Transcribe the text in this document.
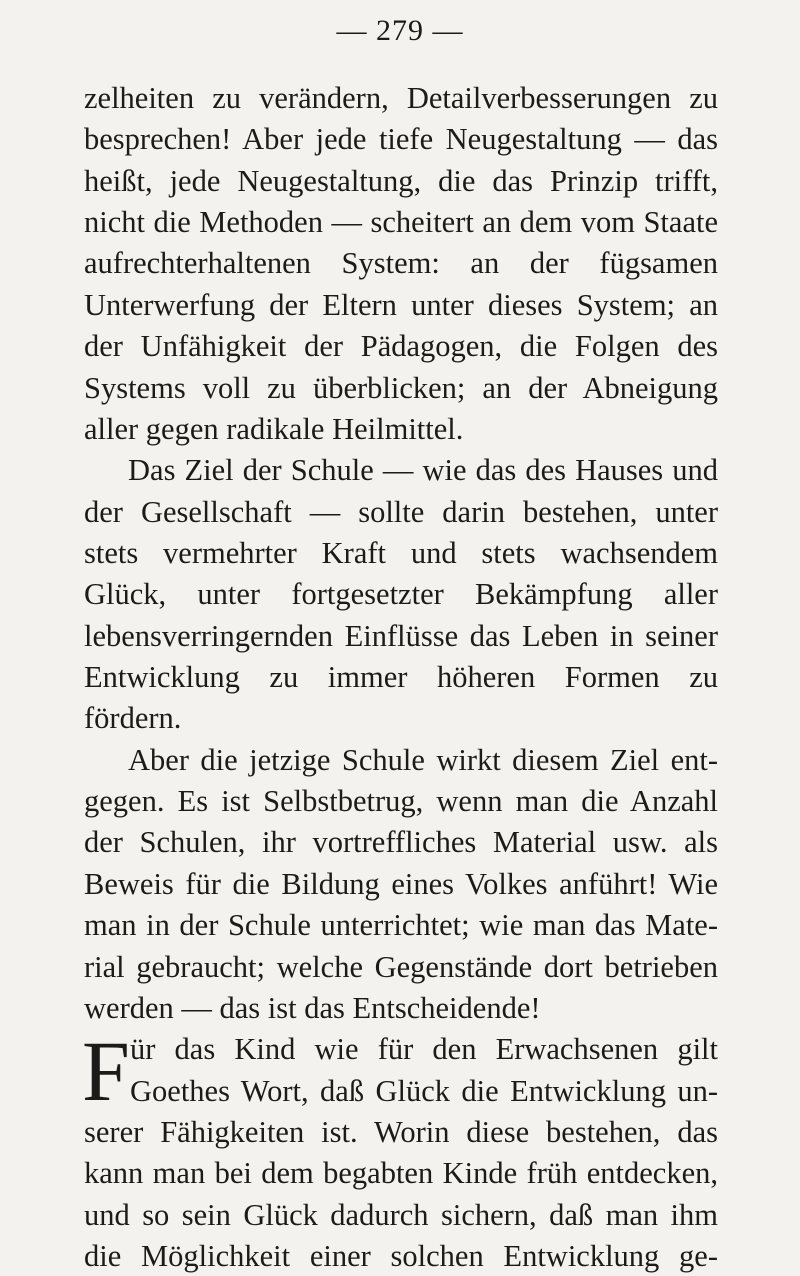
— 279 —
zelheiten zu verändern, Detailverbesserungen zu
besprechen! Aber jede tiefe Neugestaltung — das
heißt, jede Neugestaltung, die das Prinzip trifft,
nicht die Methoden — scheitert an dem vom Staate
aufrechterhaltenen System: an der fügsamen
Unterwerfung der Eltern unter dieses System; an
der Unfähigkeit der Pädagogen, die Folgen des
Systems voll zu überblicken; an der Abneigung
aller gegen radikale Heilmittel.
Das Ziel der Schule — wie das des Hauses und
der Gesellschaft — sollte darin bestehen, unter
stets vermehrter Kraft und stets wachsendem
Glück, unter fortgesetzter Bekämpfung aller
lebensverringernden Einflüsse das Leben in seiner
Entwicklung zu immer höheren Formen zu
fördern.
Aber die jetzige Schule wirkt diesem Ziel ent-
gegen. Es ist Selbstbetrug, wenn man die Anzahl
der Schulen, ihr vortreffliches Material usw. als
Beweis für die Bildung eines Volkes anführt! Wie
man in der Schule unterrichtet; wie man das Mate-
rial gebraucht; welche Gegenstände dort betrieben
werden — das ist das Entscheidende!
F ür das Kind wie für den Erwachsenen gilt
Goethes Wort, daß Glück die Entwicklung un-
serer Fähigkeiten ist. Worin diese bestehen, das
kann man bei dem begabten Kinde früh entdecken,
und so sein Glück dadurch sichern, daß man ihm
die Möglichkeit einer solchen Entwicklung ge-
